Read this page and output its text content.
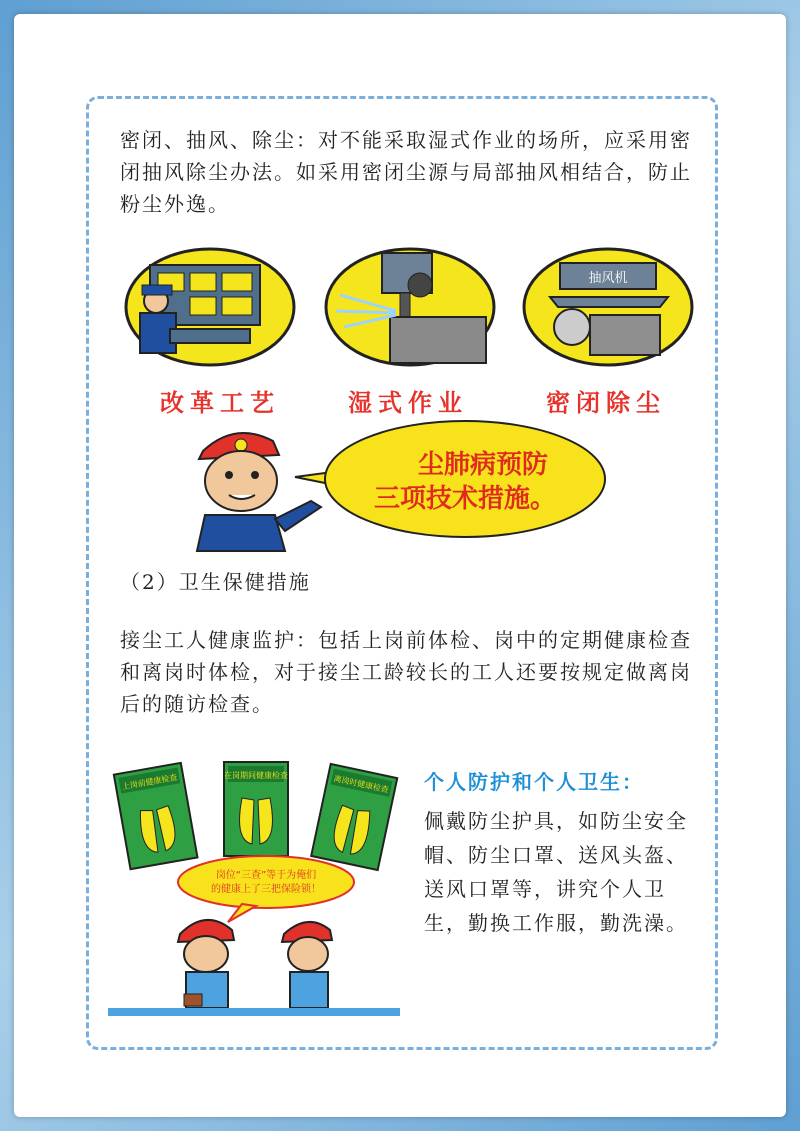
密闭、抽风、除尘：对不能采取湿式作业的场所，应采用密闭抽风除尘办法。如采用密闭尘源与局部抽风相结合，防止粉尘外逸。

抽风机
改革工艺	湿式作业	密闭除尘
尘肺病预防
三项技术措施。

（2）卫生保健措施

接尘工人健康监护：包括上岗前体检、岗中的定期健康检查和离岗时体检，对于接尘工龄较长的工人还要按规定做离岗后的随访检查。

上岗前健康检查	在岗期间健康检查	离岗时健康检查
岗位“三查”等于为俺们
的健康上了三把保险锁！
个人防护和个人卫生：
佩戴防尘护具，如防尘安全帽、防尘口罩、送风头盔、送风口罩等，讲究个人卫生，勤换工作服，勤洗澡。
